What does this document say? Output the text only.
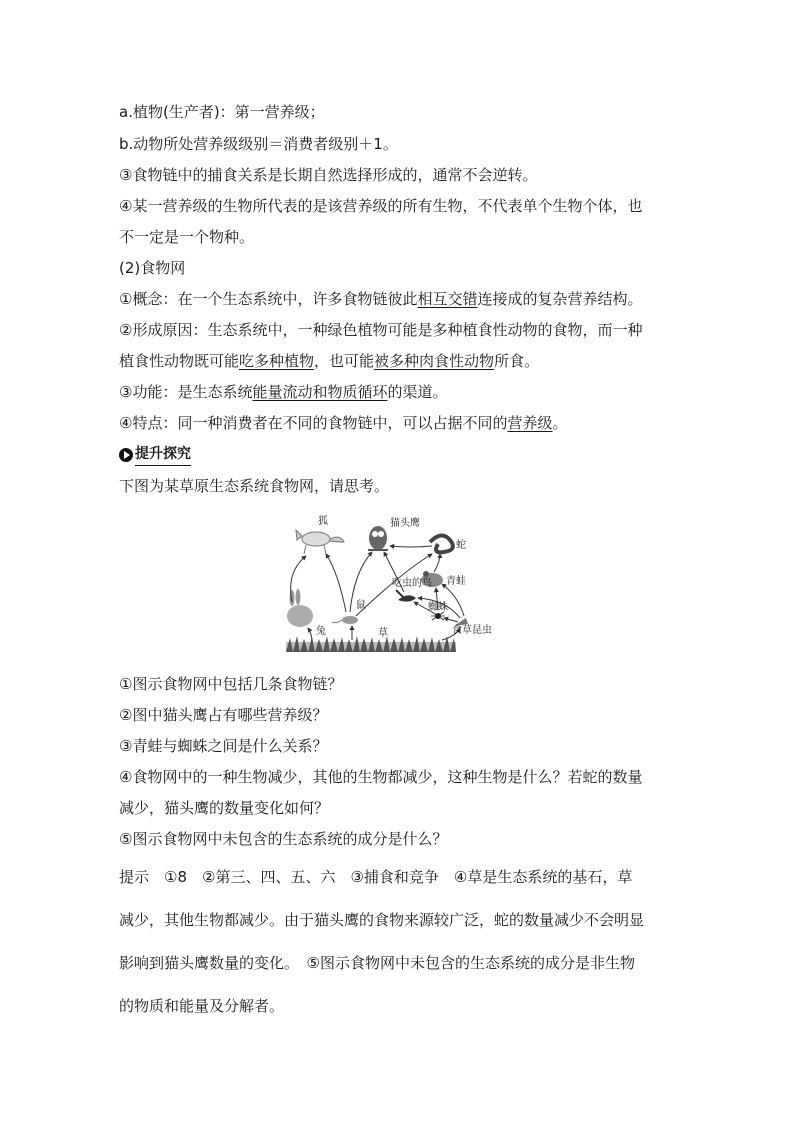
a.植物(生产者)：第一营养级；
b.动物所处营养级级别＝消费者级别＋1。
③食物链中的捕食关系是长期自然选择形成的，通常不会逆转。
④某一营养级的生物所代表的是该营养级的所有生物，不代表单个生物个体，也
不一定是一个物种。
(2)食物网
①概念：在一个生态系统中，许多食物链彼此相互交错连接成的复杂营养结构。
②形成原因：生态系统中，一种绿色植物可能是多种植食性动物的食物，而一种
植食性动物既可能吃多种植物，也可能被多种肉食性动物所食。
③功能：是生态系统能量流动和物质循环的渠道。
④特点：同一种消费者在不同的食物链中，可以占据不同的营养级。
提升探究
下图为某草原生态系统食物网，请思考。
狐	猫头鹰
蛇
吃虫的鸟 青蛙
鼠	蜘蛛
兔	草	食草昆虫
①图示食物网中包括几条食物链？
②图中猫头鹰占有哪些营养级？
③青蛙与蜘蛛之间是什么关系？
④食物网中的一种生物减少，其他的生物都减少，这种生物是什么？若蛇的数量
减少，猫头鹰的数量变化如何？
⑤图示食物网中未包含的生态系统的成分是什么？
提示　①8　②第三、四、五、六　③捕食和竞争　④草是生态系统的基石，草
减少，其他生物都减少。由于猫头鹰的食物来源较广泛，蛇的数量减少不会明显
影响到猫头鹰数量的变化。　⑤图示食物网中未包含的生态系统的成分是非生物
的物质和能量及分解者。
